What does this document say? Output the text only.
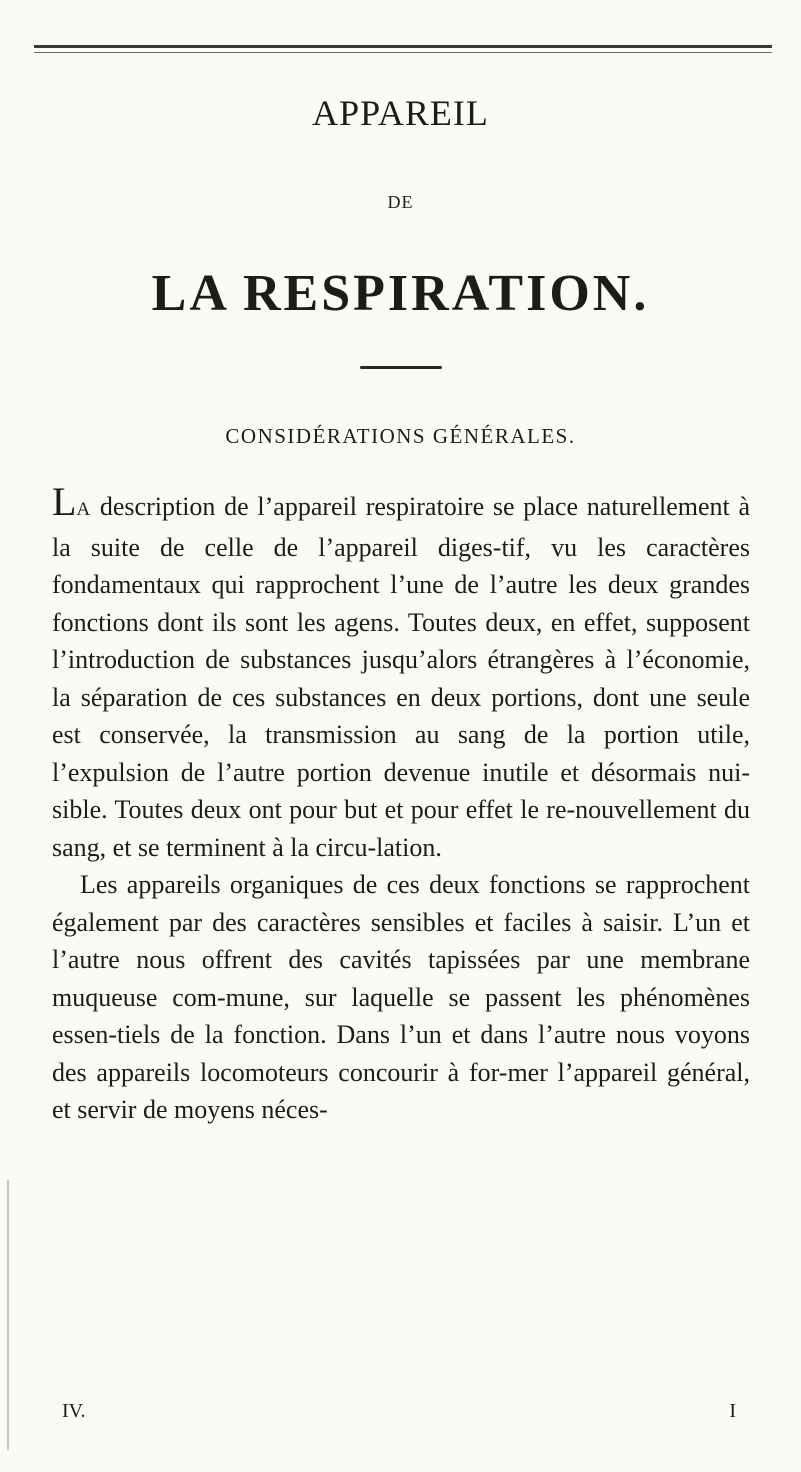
APPAREIL
DE
LA RESPIRATION.
CONSIDÉRATIONS GÉNÉRALES.

LA description de l’appareil respiratoire se place naturellement à la suite de celle de l’appareil diges-tif, vu les caractères fondamentaux qui rapprochent l’une de l’autre les deux grandes fonctions dont ils sont les agens. Toutes deux, en effet, supposent l’introduction de substances jusqu’alors étrangères à l’économie, la séparation de ces substances en deux portions, dont une seule est conservée, la transmission au sang de la portion utile, l’expulsion de l’autre portion devenue inutile et désormais nui-sible. Toutes deux ont pour but et pour effet le re-nouvellement du sang, et se terminent à la circu-lation.

Les appareils organiques de ces deux fonctions se rapprochent également par des caractères sensibles et faciles à saisir. L’un et l’autre nous offrent des cavités tapissées par une membrane muqueuse com-mune, sur laquelle se passent les phénomènes essen-tiels de la fonction. Dans l’un et dans l’autre nous voyons des appareils locomoteurs concourir à for-mer l’appareil général, et servir de moyens néces-

IV.	I
